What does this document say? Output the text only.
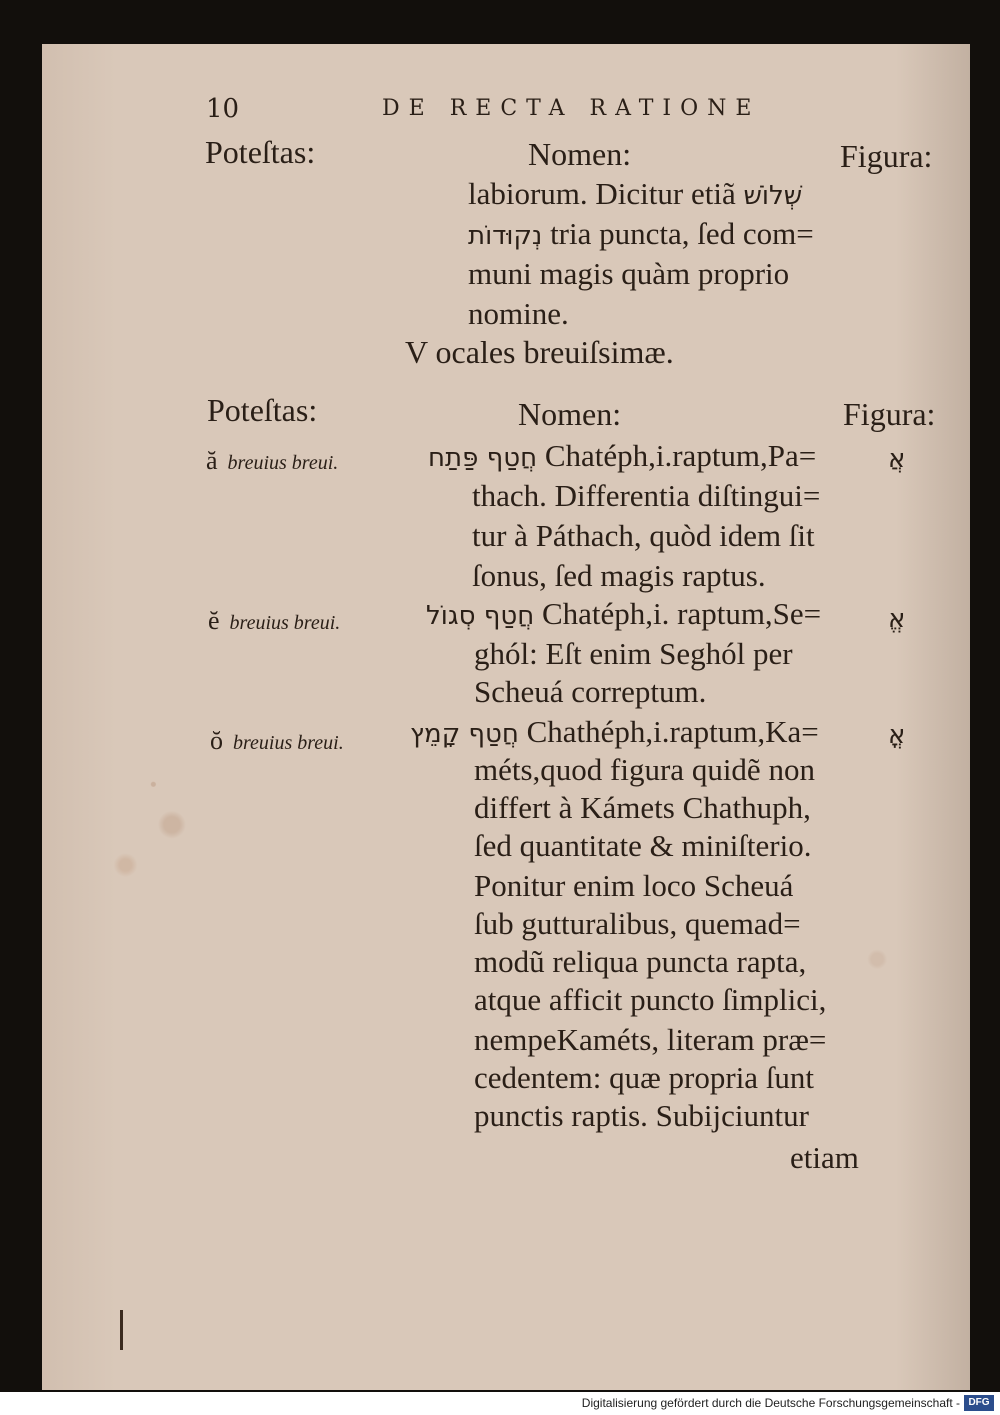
10	DE RECTA RATIONE
Poteſtas:	Nomen:	Figura:
labiorum. Dicitur etiã שְׁלוֹשׁ
נְקוּדוֹת tria puncta, ſed com=
muni magis quàm proprio
nomine.
V ocales breuiſsimæ.
Poteſtas:	Nomen:	Figura:
ă breuius breui.	חֲטַף פַּתַח Chatéph,i.raptum,Pa=	אֲ
thach. Differentia diſtingui=
tur à Páthach, quòd idem ſit
ſonus, ſed magis raptus.
ĕ breuius breui.	חֲטַף סְגוֹל Chatéph,i. raptum,Se=	אֱ
ghól: Eſt enim Seghól per
Scheuá correptum.
ŏ breuius breui.	חֲטַף קָמֵץ Chathéph,i.raptum,Ka=	אֳ
méts,quod figura quidẽ non
differt à Kámets Chathuph,
ſed quantitate & miniſterio.
Ponitur enim loco Scheuá
ſub gutturalibus, quemad=
modũ reliqua puncta rapta,
atque afficit puncto ſimplici,
nempeKaméts, literam præ=
cedentem: quæ propria ſunt
punctis raptis. Subijciuntur
etiam
Digitalisierung gefördert durch die Deutsche Forschungsgemeinschaft - DFG
